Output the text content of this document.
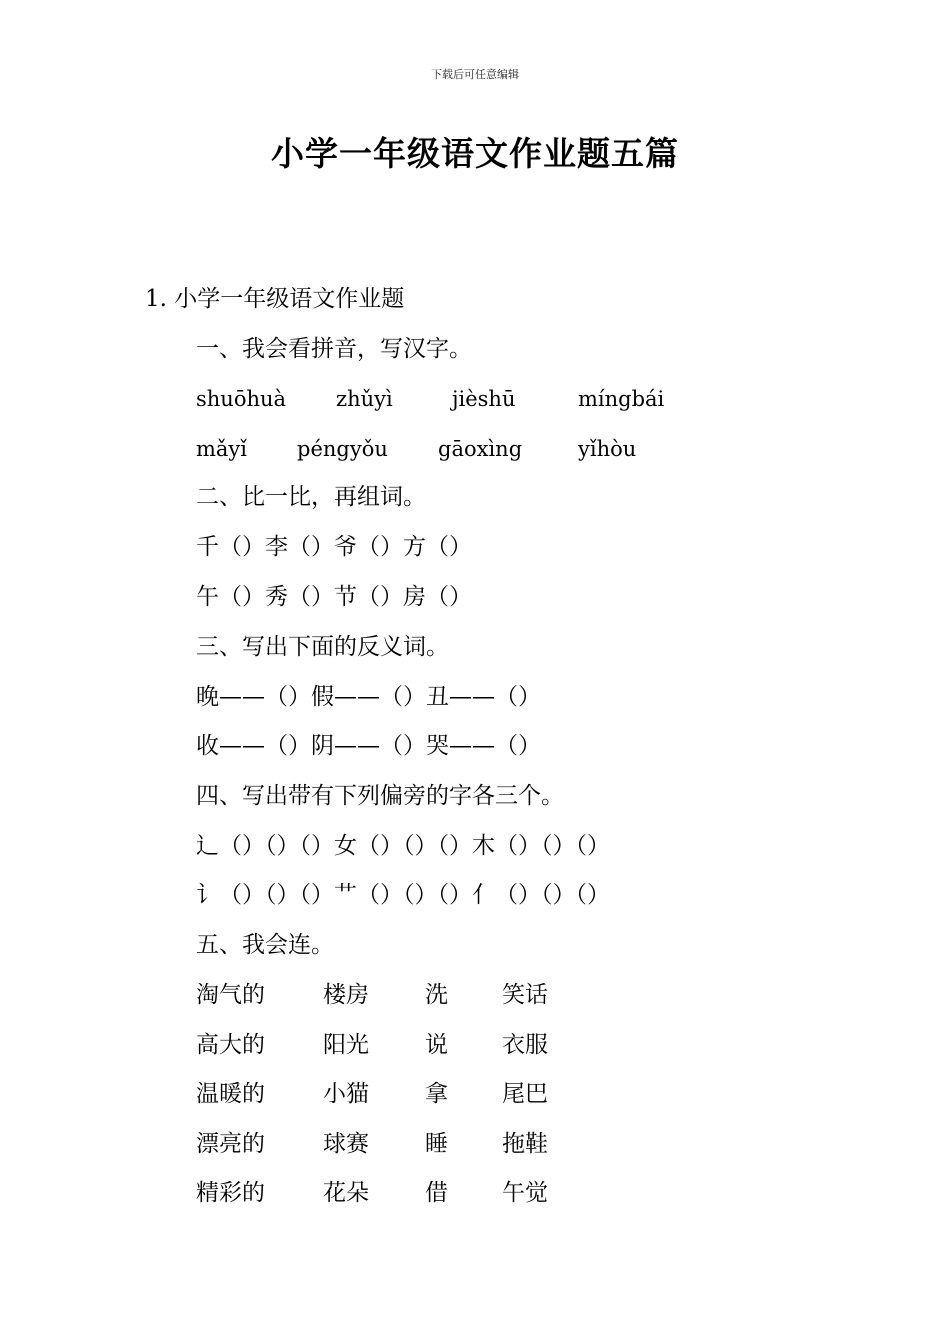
下载后可任意编辑
小学一年级语文作业题五篇
1. 小学一年级语文作业题
一、我会看拼音，写汉字。
shuōhuà zhǔyì	jièshū	míngbái
mǎyǐ péngyǒu gāoxìng	yǐhòu
二、比一比，再组词。
千（）李（）爷（）方（）
午（）秀（）节（）房（）
三、写出下面的反义词。
晚——（）假——（）丑——（）
收——（）阴——（）哭——（）
四、写出带有下列偏旁的字各三个。
辶（）（）（）女（）（）（）木（）（）（）
讠（）（）（）艹（）（）（）亻（）（）（）
五、我会连。
淘气的	楼房 洗 笑话
高大的	阳光 说 衣服
温暖的	小猫 拿 尾巴
漂亮的	球赛 睡 拖鞋
精彩的	花朵 借 午觉
